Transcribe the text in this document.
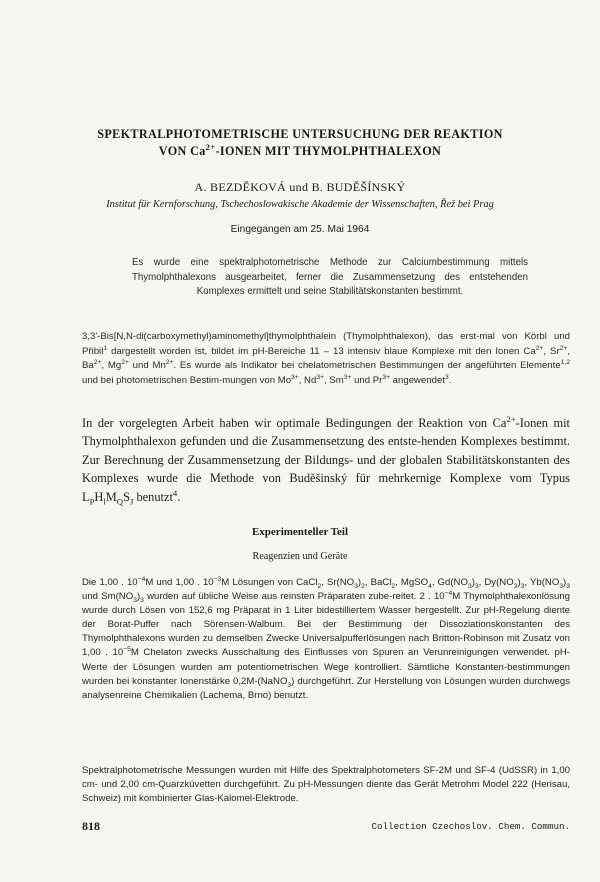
SPEKTRALPHOTOMETRISCHE UNTERSUCHUNG DER REAKTION
VON $Ca^{2+}$-IONEN MIT THYMOLPHTHALEXON
A. BEZDĚKOVÁ und B. BUDĚŠÍNSKÝ
Institut für Kernforschung, Tschechoslowakische Akademie der Wissenschaften, Řež bei Prag
Eingegangen am 25. Mai 1964

Es wurde eine spektralphotometrische Methode zur Calciumbestimmung mittels Thymolphthalexons ausgearbeitet, ferner die Zusammensetzung des entstehenden Komplexes ermittelt und seine Stabilitätskonstanten bestimmt.

3,3'-Bis[N,N-di(carboxymethyl)aminomethyl]thymolphthalein (Thymolphthalexon), das erst-mal von Körbl und Přibil$^1$ dargestellt worden ist, bildet im pH-Bereiche 11 – 13 intensiv blaue Komplexe mit den Ionen $Ca^{2+}$, $Sr^{2+}$, $Ba^{2+}$, $Mg^{2+}$ und $Mn^{2+}$. Es wurde als Indikator bei chelatometrischen Bestimmungen der angeführten Elemente$^{1,2}$ und bei photometrischen Bestim-mungen von $Mo^{3+}$, $Nd^{3+}$, $Sm^{3+}$ und $Pr^{3+}$ angewendet$^3$.

In der vorgelegten Arbeit haben wir optimale Bedingungen der Reaktion von $Ca^{2+}$-Ionen mit Thymolphthalexon gefunden und die Zusammensetzung des entste-henden Komplexes bestimmt. Zur Berechnung der Zusammensetzung der Bildungs- und der globalen Stabilitätskonstanten des Komplexes wurde die Methode von Buděšinský für mehrkernige Komplexe vom Typus $L_PH_lM_QS_J$ benutzt$^4$.

Experimenteller Teil
Reagenzien und Geräte

Die 1,00 . $10^{-4}M$ und 1,00 . $10^{-3}M$ Lösungen von CaCl$_2$, $Sr(NO_3)_2$, BaCl$_2$, MgSO$_4$, $Gd(NO_3)_3$, $Dy(NO_3)_3$, $Yb(NO_3)_3$ und $Sm(NO_3)_3$ wurden auf übliche Weise aus reinsten Präparaten zube-reitet. 2 . $10^{-4}M$ Thymolphthalexonlösung wurde durch Lösen von 152,6 mg Präparat in 1 Liter bidestilliertem Wasser hergestellt. Zur pH-Regelung diente der Borat-Puffer nach Sörensen-Walbum. Bei der Bestimmung der Dissoziationskonstanten des Thymolphthalexons wurden zu demselben Zwecke Universalpufferlösungen nach Britton-Robinson mit Zusatz von 1,00 . $10^{-5}M$ Chelaton zwecks Ausschaltung des Einflusses von Spuren an Verunreinigungen verwendet. pH-Werte der Lösungen wurden am potentiometrischen Wege kontrolliert. Sämtliche Konstanten-bestimmungen wurden bei konstanter Ionenstärke 0,2M-(NaNO$_3$) durchgeführt. Zur Herstellung von Lösungen wurden durchwegs analysenreine Chemikalien (Lachema, Brno) benutzt.

Spektralphotometrische Messungen wurden mit Hilfe des Spektralphotometers SF-2M und SF-4 (UdSSR) in 1,00 cm- und 2,00 cm-Quarzküvetten durchgeführt. Zu pH-Messungen diente das Gerät Metrohm Model 222 (Herisau, Schweiz) mit kombinierter Glas-Kalomel-Elektrode.

818	Collection Czechoslov. Chem. Commun.
